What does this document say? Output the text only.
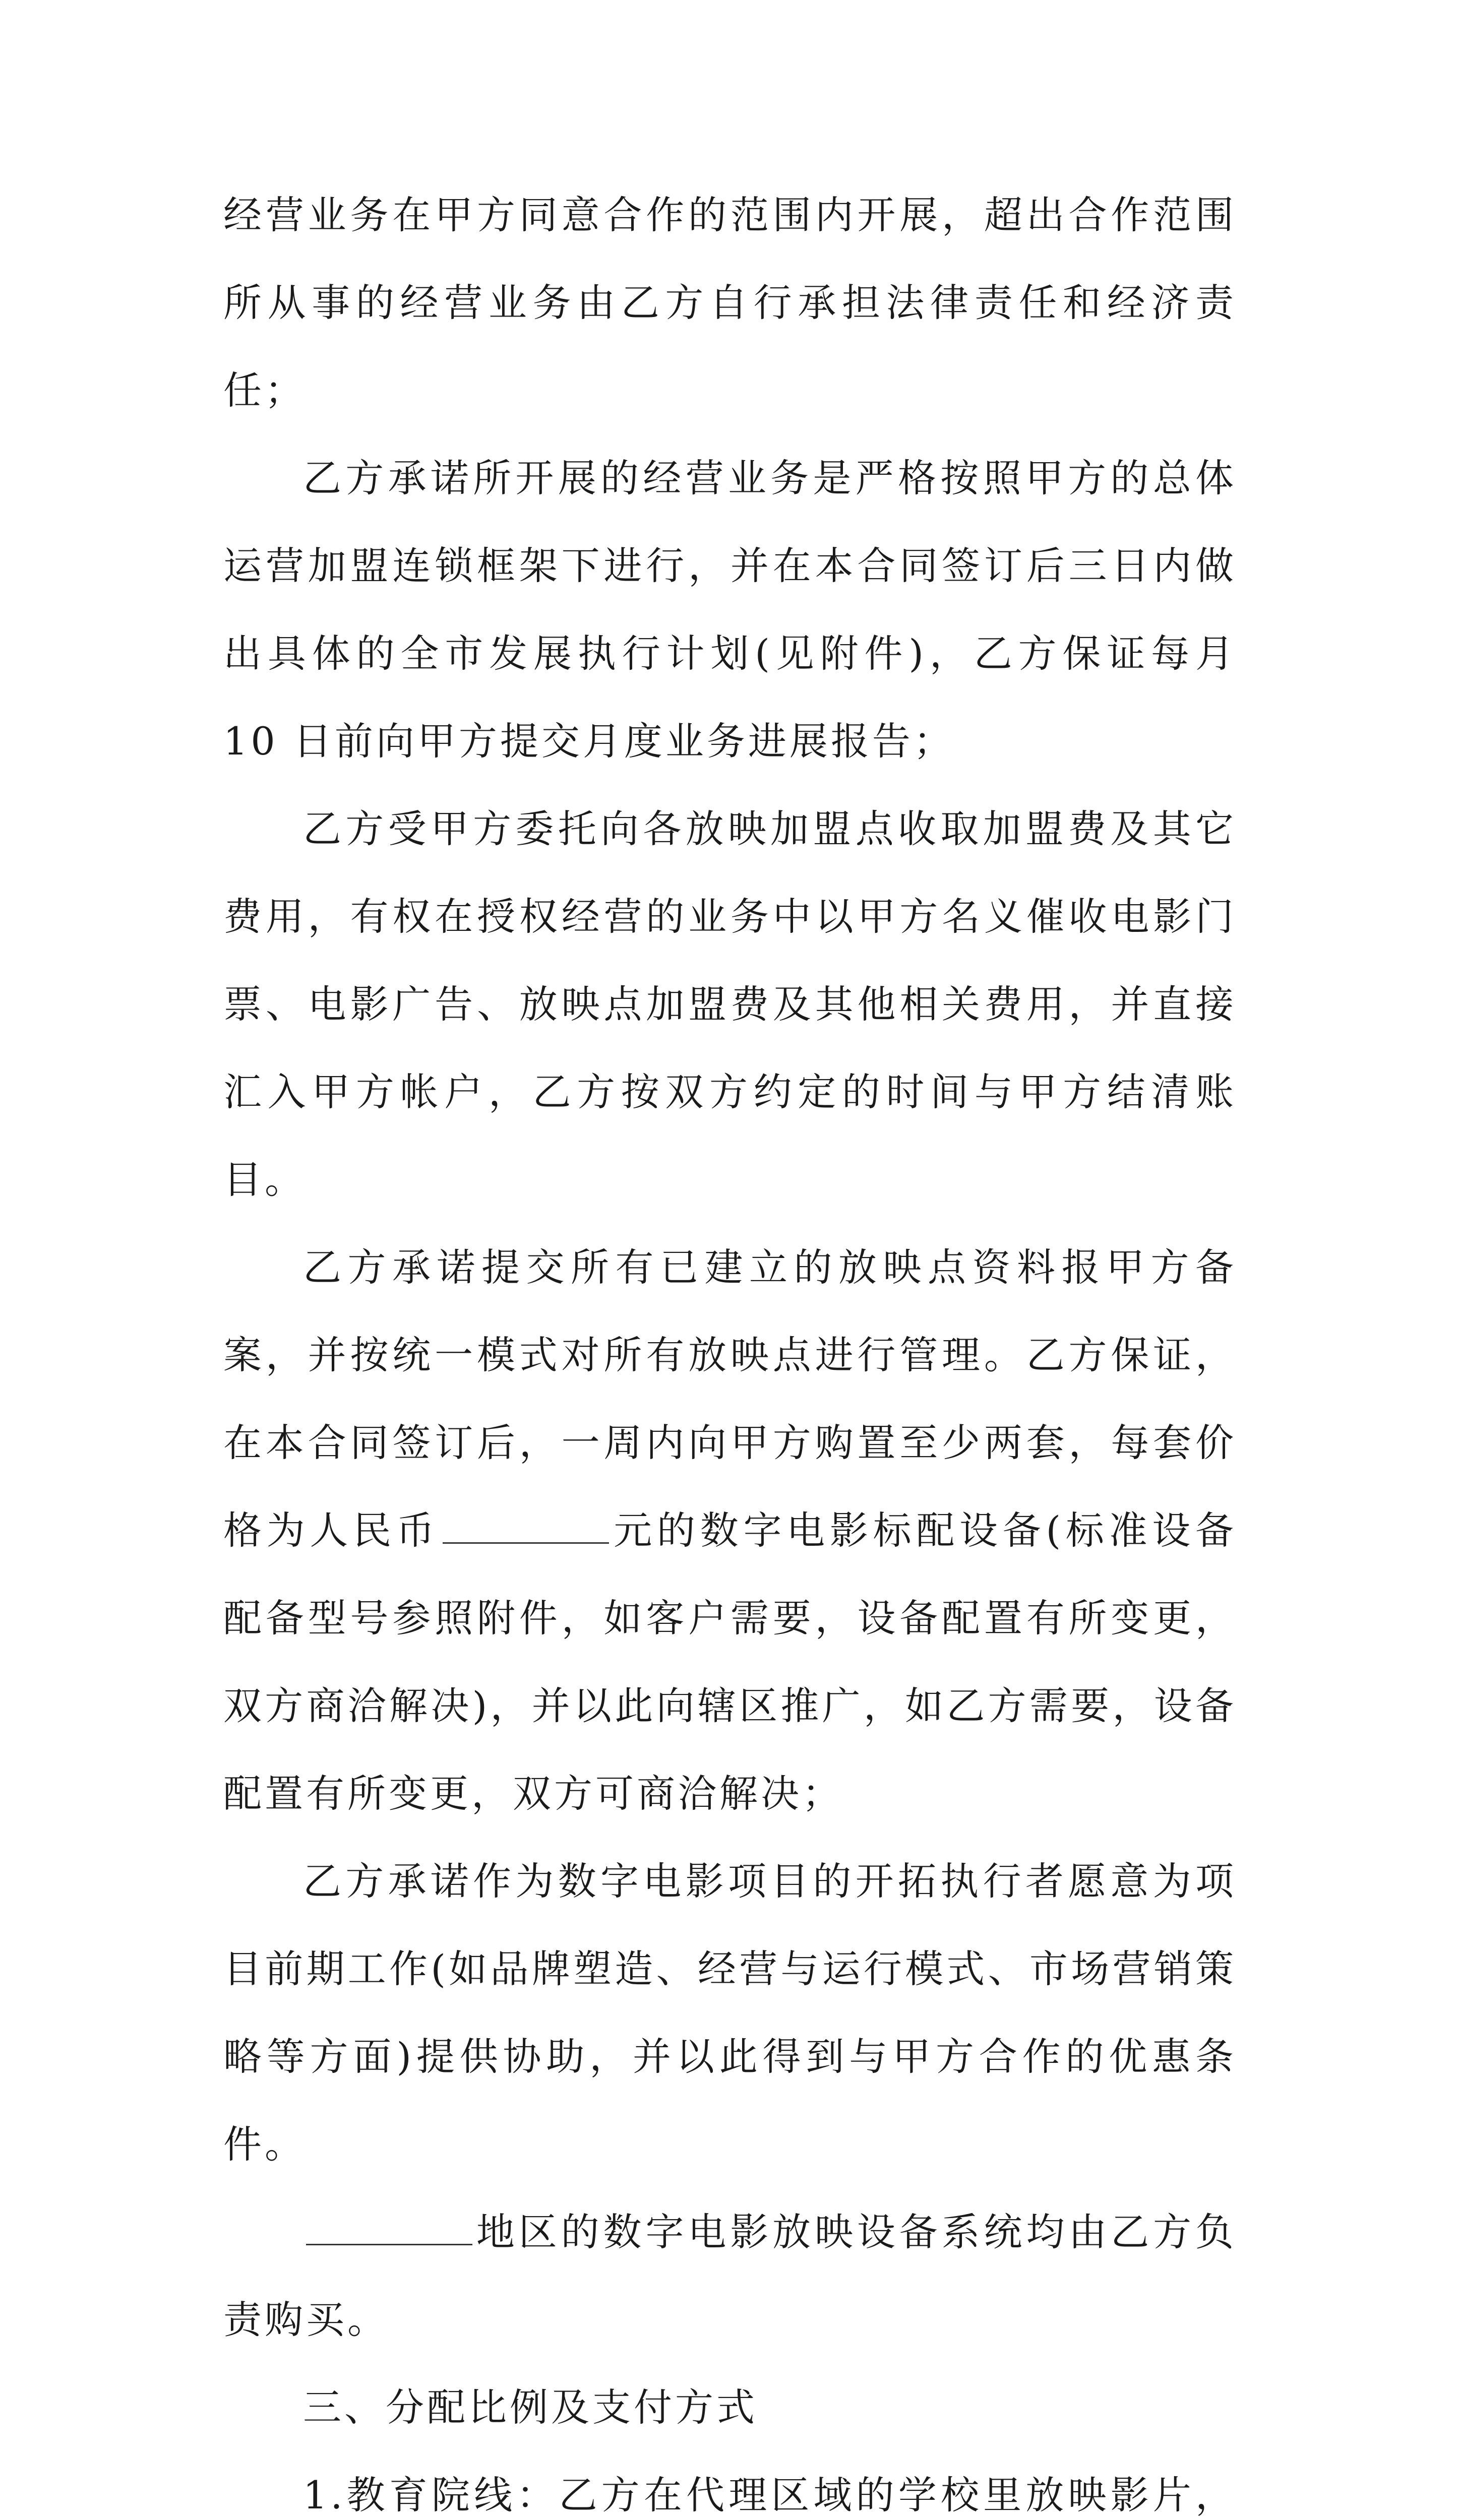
经营业务在甲方同意合作的范围内开展，超出合作范围所从事的经营业务由乙方自行承担法律责任和经济责任；

乙方承诺所开展的经营业务是严格按照甲方的总体运营加盟连锁框架下进行，并在本合同签订后三日内做出具体的全市发展执行计划(见附件)，乙方保证每月 10 日前向甲方提交月度业务进展报告；

乙方受甲方委托向各放映加盟点收取加盟费及其它费用，有权在授权经营的业务中以甲方名义催收电影门票、电影广告、放映点加盟费及其他相关费用，并直接汇入甲方帐户，乙方按双方约定的时间与甲方结清账目。

乙方承诺提交所有已建立的放映点资料报甲方备案，并按统一模式对所有放映点进行管理。乙方保证，在本合同签订后，一周内向甲方购置至少两套，每套价格为人民币	元的数字电影标配设备(标准设备配备型号参照附件，如客户需要，设备配置有所变更，双方商洽解决)，并以此向辖区推广，如乙方需要，设备配置有所变更，双方可商洽解决；

乙方承诺作为数字电影项目的开拓执行者愿意为项目前期工作(如品牌塑造、经营与运行模式、市场营销策略等方面)提供协助，并以此得到与甲方合作的优惠条件。

地区的数字电影放映设备系统均由乙方负责购买。

三、分配比例及支付方式

1.教育院线：乙方在代理区域的学校里放映影片，
